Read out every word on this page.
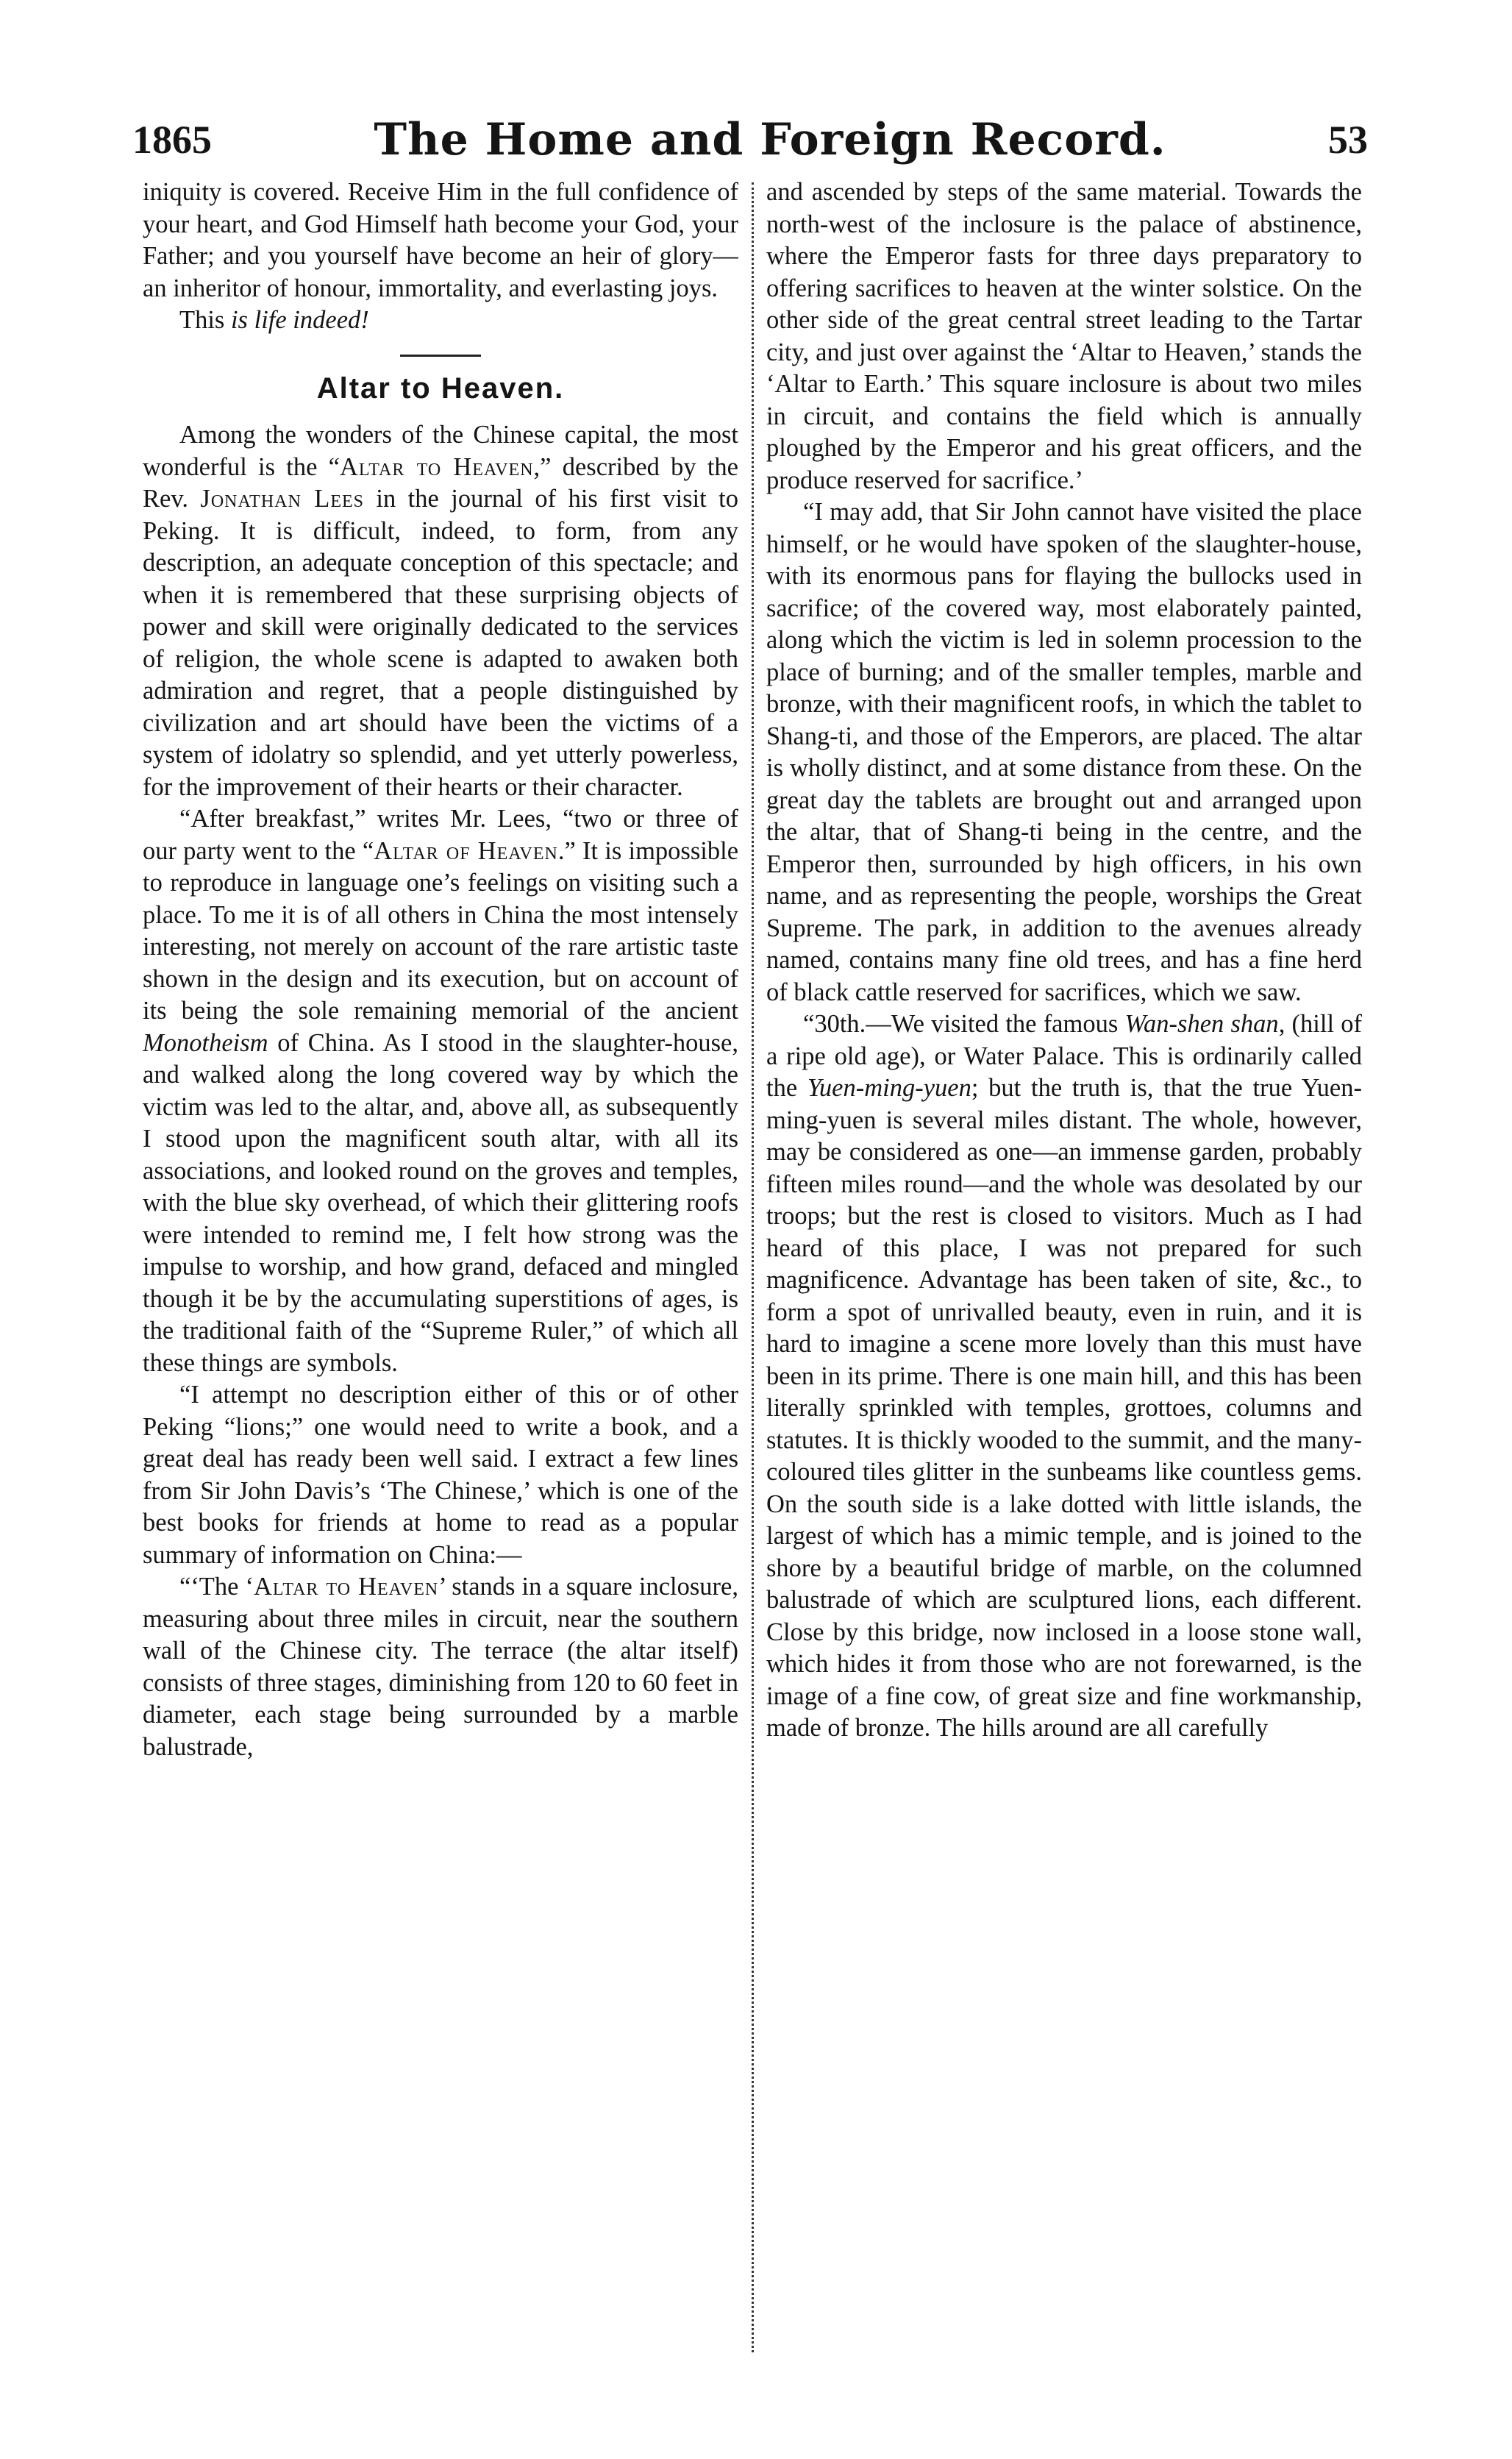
1865	The Home and Foreign Record.	53

iniquity is covered. Receive Him in the full confidence of your heart, and God Himself hath become your God, your Father; and you yourself have become an heir of glory—an inheritor of honour, immortality, and everlasting joys.

This is life indeed!

Altar to Heaven.

Among the wonders of the Chinese capital, the most wonderful is the “Altar to Heaven,” described by the Rev. Jonathan Lees in the journal of his first visit to Peking. It is difficult, indeed, to form, from any description, an adequate conception of this spectacle; and when it is remembered that these surprising objects of power and skill were originally dedicated to the services of religion, the whole scene is adapted to awaken both admiration and regret, that a people distinguished by civilization and art should have been the victims of a system of idolatry so splendid, and yet utterly powerless, for the improvement of their hearts or their character.

“After breakfast,” writes Mr. Lees, “two or three of our party went to the “Altar of Heaven.” It is impossible to reproduce in language one’s feelings on visiting such a place. To me it is of all others in China the most intensely interesting, not merely on account of the rare artistic taste shown in the design and its execution, but on account of its being the sole remaining memorial of the ancient Monotheism of China. As I stood in the slaughter-house, and walked along the long covered way by which the victim was led to the altar, and, above all, as subsequently I stood upon the magnificent south altar, with all its associations, and looked round on the groves and temples, with the blue sky overhead, of which their glittering roofs were intended to remind me, I felt how strong was the impulse to worship, and how grand, defaced and mingled though it be by the accumulating superstitions of ages, is the traditional faith of the “Supreme Ruler,” of which all these things are symbols.

“I attempt no description either of this or of other Peking “lions;” one would need to write a book, and a great deal has ready been well said. I extract a few lines from Sir John Davis’s ‘The Chinese,’ which is one of the best books for friends at home to read as a popular summary of information on China:—

“‘The ‘Altar to Heaven’ stands in a square inclosure, measuring about three miles in circuit, near the southern wall of the Chinese city. The terrace (the altar itself) consists of three stages, diminishing from 120 to 60 feet in diameter, each stage being surrounded by a marble balustrade,

and ascended by steps of the same material. Towards the north-west of the inclosure is the palace of abstinence, where the Emperor fasts for three days preparatory to offering sacrifices to heaven at the winter solstice. On the other side of the great central street leading to the Tartar city, and just over against the ‘Altar to Heaven,’ stands the ‘Altar to Earth.’ This square inclosure is about two miles in circuit, and contains the field which is annually ploughed by the Emperor and his great officers, and the produce reserved for sacrifice.’

“I may add, that Sir John cannot have visited the place himself, or he would have spoken of the slaughter-house, with its enormous pans for flaying the bullocks used in sacrifice; of the covered way, most elaborately painted, along which the victim is led in solemn procession to the place of burning; and of the smaller temples, marble and bronze, with their magnificent roofs, in which the tablet to Shang-ti, and those of the Emperors, are placed. The altar is wholly distinct, and at some distance from these. On the great day the tablets are brought out and arranged upon the altar, that of Shang-ti being in the centre, and the Emperor then, surrounded by high officers, in his own name, and as representing the people, worships the Great Supreme. The park, in addition to the avenues already named, contains many fine old trees, and has a fine herd of black cattle reserved for sacrifices, which we saw.

“30th.—We visited the famous Wan-shen shan, (hill of a ripe old age), or Water Palace. This is ordinarily called the Yuen-ming-yuen; but the truth is, that the true Yuen-ming-yuen is several miles distant. The whole, however, may be considered as one—an immense garden, probably fifteen miles round—and the whole was desolated by our troops; but the rest is closed to visitors. Much as I had heard of this place, I was not prepared for such magnificence. Advantage has been taken of site, &c., to form a spot of unrivalled beauty, even in ruin, and it is hard to imagine a scene more lovely than this must have been in its prime. There is one main hill, and this has been literally sprinkled with temples, grottoes, columns and statutes. It is thickly wooded to the summit, and the many-coloured tiles glitter in the sunbeams like countless gems. On the south side is a lake dotted with little islands, the largest of which has a mimic temple, and is joined to the shore by a beautiful bridge of marble, on the columned balustrade of which are sculptured lions, each different. Close by this bridge, now inclosed in a loose stone wall, which hides it from those who are not forewarned, is the image of a fine cow, of great size and fine workmanship, made of bronze. The hills around are all carefully
